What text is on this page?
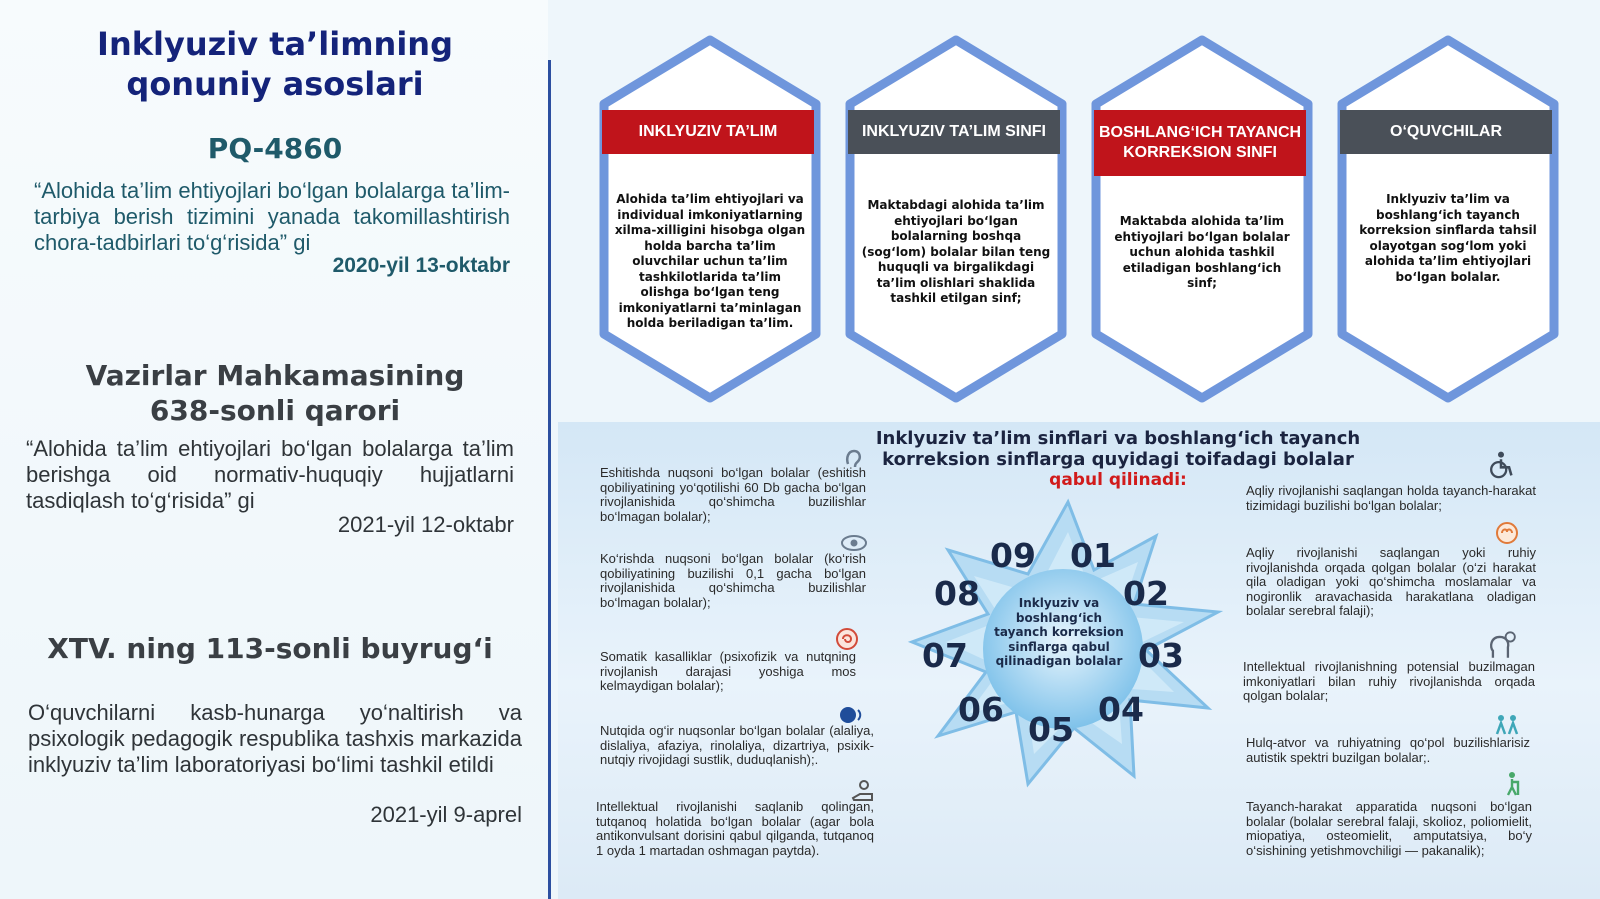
Inklyuziv ta’limning qonuniy asoslari
PQ-4860
“Alohida ta’lim ehtiyojlari bo‘lgan bolalarga ta’lim-tarbiya berish tizimini yanada takomillashtirish chora-tadbirlari to‘g‘risida” gi
2020-yil 13-oktabr
Vazirlar Mahkamasining 638-sonli qarori
“Alohida ta’lim ehtiyojlari bo‘lgan bolalarga ta’lim berishga oid normativ-huquqiy hujjatlarni tasdiqlash to‘g‘risida” gi
2021-yil 12-oktabr
XTV. ning 113-sonli buyrug‘i
O‘quvchilarni kasb-hunarga yo‘naltirish va psixologik pedagogik respublika tashxis markazida inklyuziv ta’lim laboratoriyasi bo‘limi tashkil etildi
2021-yil 9-aprel
INKLYUZIV TA’LIM
Alohida ta’lim ehtiyojlari va individual imkoniyatlarning xilma-xilligini hisobga olgan holda barcha ta’lim oluvchilar uchun ta’lim tashkilotlarida ta’lim olishga bo‘lgan teng imkoniyatlarni ta’minlagan holda beriladigan ta’lim.
INKLYUZIV TA’LIM SINFI
Maktabdagi alohida ta’lim ehtiyojlari bo‘lgan bolalarning boshqa (sog‘lom) bolalar bilan teng huquqli va birgalikdagi ta’lim olishlari shaklida tashkil etilgan sinf;
BOSHLANG‘ICH TAYANCH KORREKSION SINFI
Maktabda alohida ta’lim ehtiyojlari bo‘lgan bolalar uchun alohida tashkil etiladigan boshlang‘ich sinf;
O‘QUVCHILAR
Inklyuziv ta’lim va boshlang‘ich tayanch korreksion sinflarda tahsil olayotgan sog‘lom yoki alohida ta’lim ehtiyojlari bo‘lgan bolalar.
Inklyuziv ta’lim sinflari va boshlang‘ich tayanch korreksion sinflarga quyidagi toifadagi bolalar
qabul qilinadi:
Inklyuziv va boshlang‘ich tayanch korreksion sinflarga qabul qilinadigan bolalar
09 01
08	02
07	03
06	04
05
Eshitishda nuqsoni bo‘lgan bolalar (eshitish qobiliyatining yo‘qotilishi 60 Db gacha bo‘lgan rivojlanishida qo‘shimcha buzilishlar bo‘lmagan bolalar);
Ko‘rishda nuqsoni bo‘lgan bolalar (ko‘rish qobiliyatining buzilishi 0,1 gacha bo‘lgan rivojlanishida qo‘shimcha buzilishlar bo‘lmagan bolalar);
Somatik kasalliklar (psixofizik va nutqning rivojlanish darajasi yoshiga mos kelmaydigan bolalar);
Nutqida og‘ir nuqsonlar bo‘lgan bolalar (alaliya, dislaliya, afaziya, rinolaliya, dizartriya, psixik-nutqiy rivojidagi sustlik, duduqlanish);.
Intellektual rivojlanishi saqlanib qolingan, tutqanoq holatida bo‘lgan bolalar (agar bola antikonvulsant dorisini qabul qilganda, tutqanoq 1 oyda 1 martadan oshmagan paytda).
Aqliy rivojlanishi saqlangan holda tayanch-harakat tizimidagi buzilishi bo‘lgan bolalar;
Aqliy rivojlanishi saqlangan yoki ruhiy rivojlanishda orqada qolgan bolalar (o‘zi harakat qila oladigan yoki qo‘shimcha moslamalar va nogironlik aravachasida harakatlana oladigan bolalar serebral falaji);
Intellektual rivojlanishning potensial buzilmagan imkoniyatlari bilan ruhiy rivojlanishda orqada qolgan bolalar;
Hulq-atvor va ruhiyatning qo‘pol buzilishlarisiz autistik spektri buzilgan bolalar;.
Tayanch-harakat apparatida nuqsoni bo‘lgan bolalar (bolalar serebral falaji, skolioz, poliomielit, miopatiya, osteomielit, amputatsiya, bo‘y o‘sishining yetishmovchiligi — pakanalik);
